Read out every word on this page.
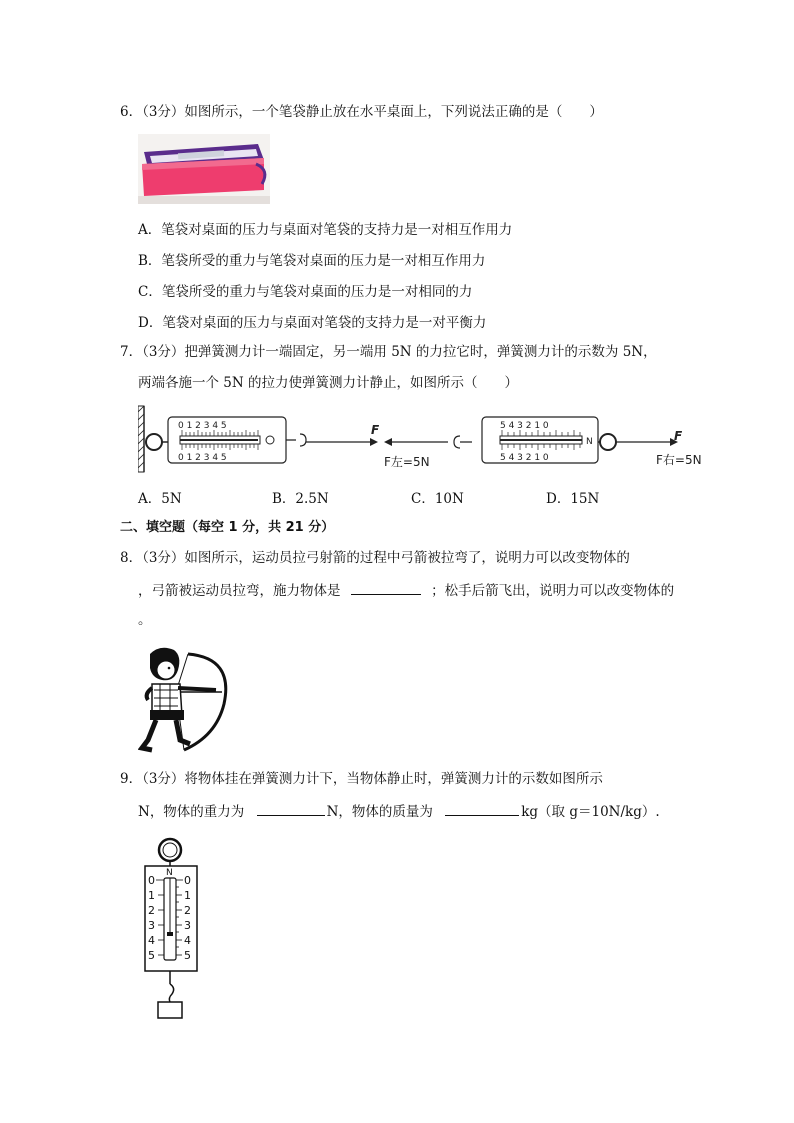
6．（3分）如图所示，一个笔袋静止放在水平桌面上，下列说法正确的是（　　）
A．笔袋对桌面的压力与桌面对笔袋的支持力是一对相互作用力
B．笔袋所受的重力与笔袋对桌面的压力是一对相互作用力
C．笔袋所受的重力与笔袋对桌面的压力是一对相同的力
D．笔袋对桌面的压力与桌面对笔袋的支持力是一对平衡力
7．（3分）把弹簧测力计一端固定，另一端用 5N 的力拉它时，弹簧测力计的示数为 5N，
两端各施一个 5N 的拉力使弹簧测力计静止，如图所示（　　）
0 1 2 3 4 5
0 1 2 3 4 5
F
F左=5N
5 4 3 2 1 0
5 4 3 2 1 0
N	F
F右=5N
A．5N	B．2.5N	C．10N	D．15N
二、填空题（每空 1 分，共 21 分）
8．（3分）如图所示，运动员拉弓射箭的过程中弓箭被拉弯了，说明力可以改变物体的
，弓箭被运动员拉弯，施力物体是	；松手后箭飞出，说明力可以改变物体的
。
9．（3分）将物体挂在弹簧测力计下，当物体静止时，弹簧测力计的示数如图所示
N，物体的重力为	N，物体的质量为	kg（取 g＝10N/kg）.
N
0
1
2
3
4
5
0
1
2
3
4
5
